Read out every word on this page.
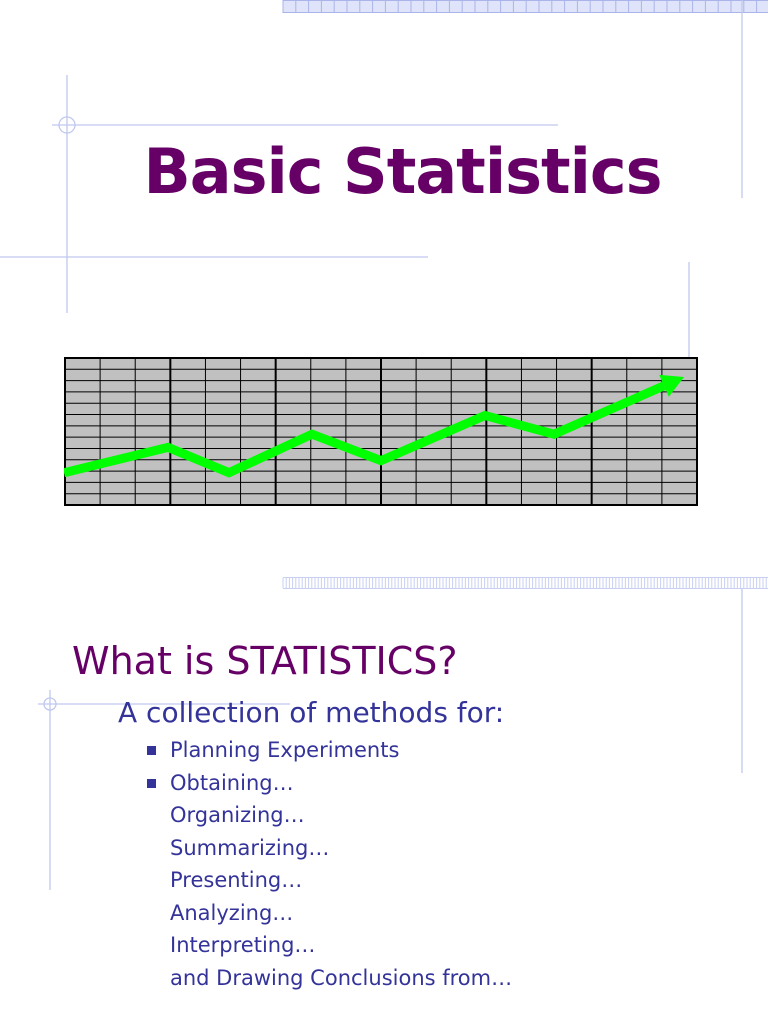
Basic Statistics
What is STATISTICS?

A collection of methods for:

Planning Experiments
Obtaining…
Organizing…
Summarizing…
Presenting…
Analyzing…
Interpreting…
and Drawing Conclusions from…
